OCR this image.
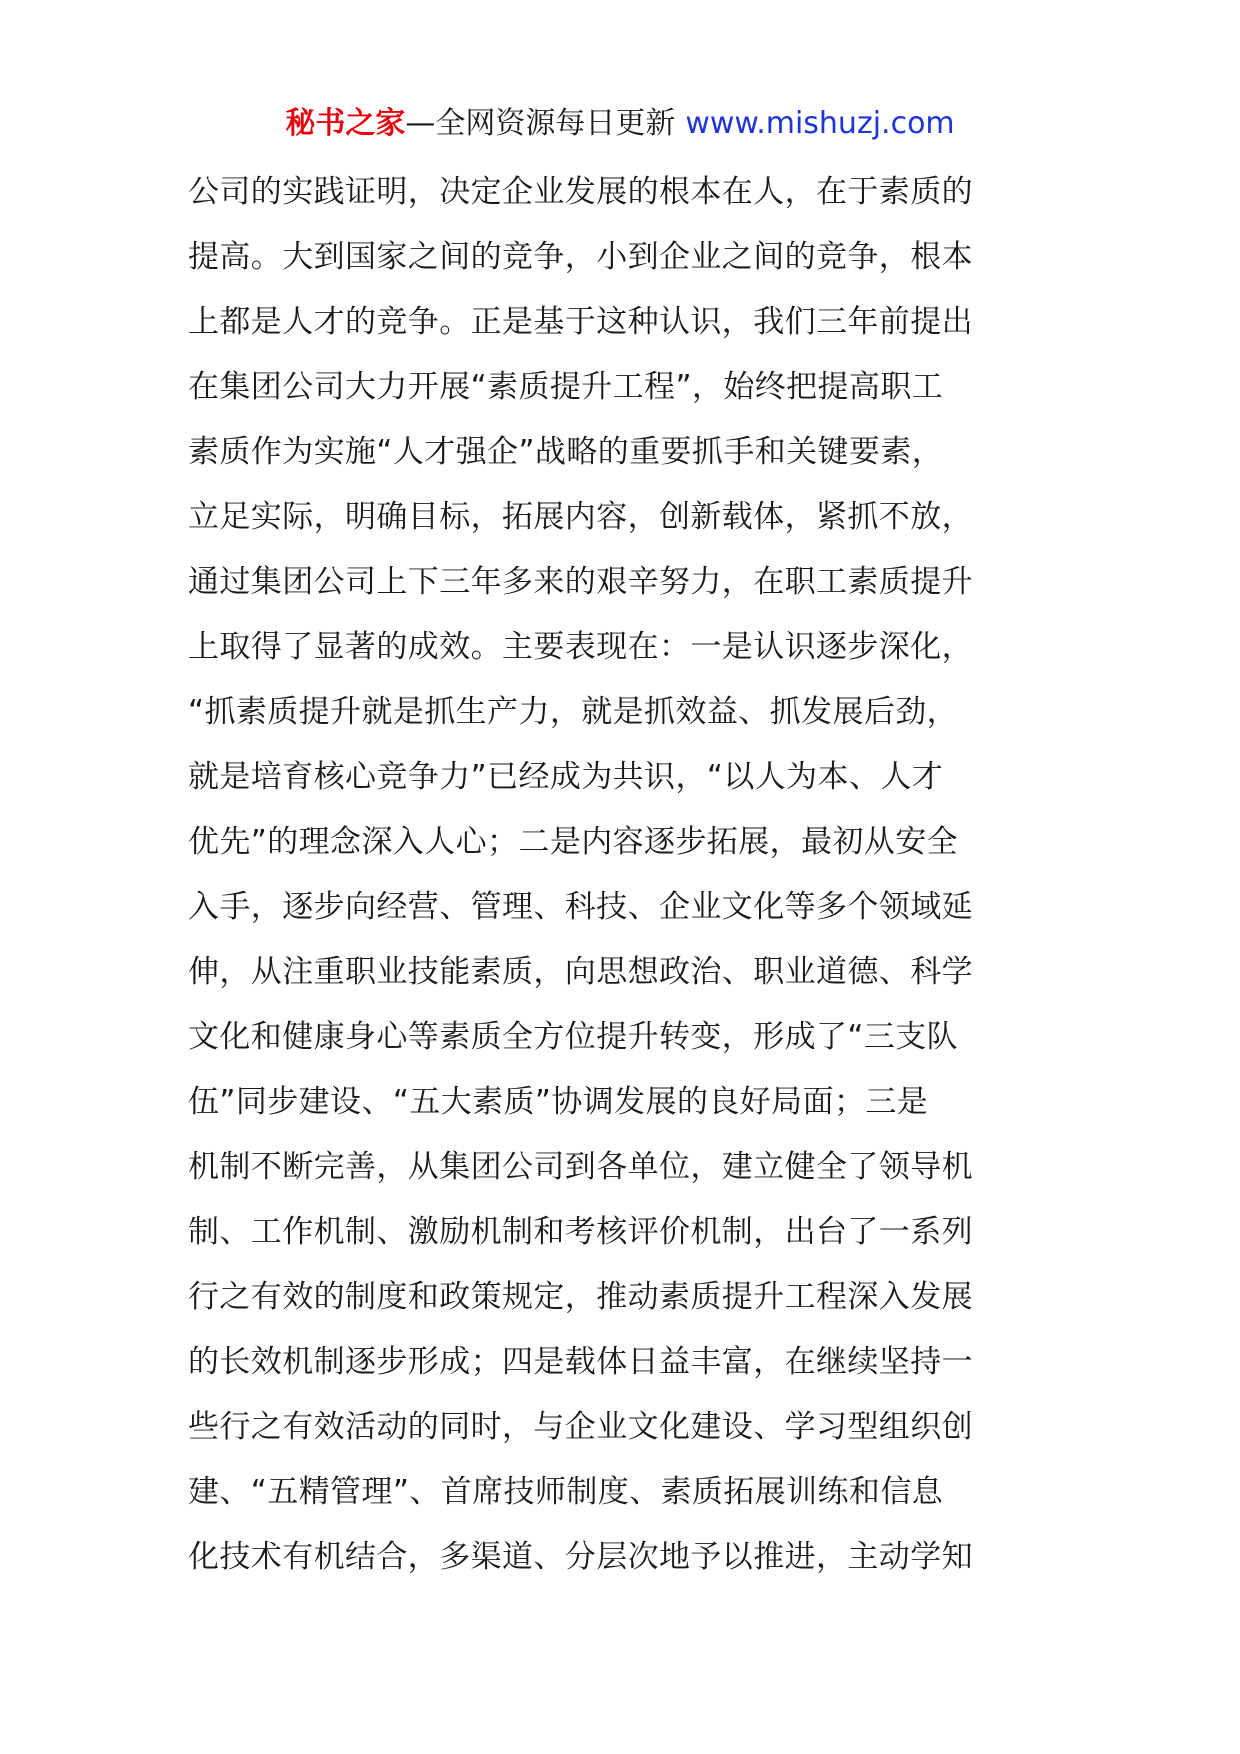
秘书之家—全网资源每日更新 www.mishuzj.com
公司的实践证明，决定企业发展的根本在人，在于素质的
提高。大到国家之间的竞争，小到企业之间的竞争，根本
上都是人才的竞争。正是基于这种认识，我们三年前提出
在集团公司大力开展“素质提升工程”，始终把提高职工
素质作为实施“人才强企”战略的重要抓手和关键要素，
立足实际，明确目标，拓展内容，创新载体，紧抓不放，
通过集团公司上下三年多来的艰辛努力，在职工素质提升
上取得了显著的成效。主要表现在：一是认识逐步深化，
“抓素质提升就是抓生产力，就是抓效益、抓发展后劲，
就是培育核心竞争力”已经成为共识，“以人为本、人才
优先”的理念深入人心；二是内容逐步拓展，最初从安全
入手，逐步向经营、管理、科技、企业文化等多个领域延
伸，从注重职业技能素质，向思想政治、职业道德、科学
文化和健康身心等素质全方位提升转变，形成了“三支队
伍”同步建设、“五大素质”协调发展的良好局面；三是
机制不断完善，从集团公司到各单位，建立健全了领导机
制、工作机制、激励机制和考核评价机制，出台了一系列
行之有效的制度和政策规定，推动素质提升工程深入发展
的长效机制逐步形成；四是载体日益丰富，在继续坚持一
些行之有效活动的同时，与企业文化建设、学习型组织创
建、“五精管理”、首席技师制度、素质拓展训练和信息
化技术有机结合，多渠道、分层次地予以推进，主动学知
